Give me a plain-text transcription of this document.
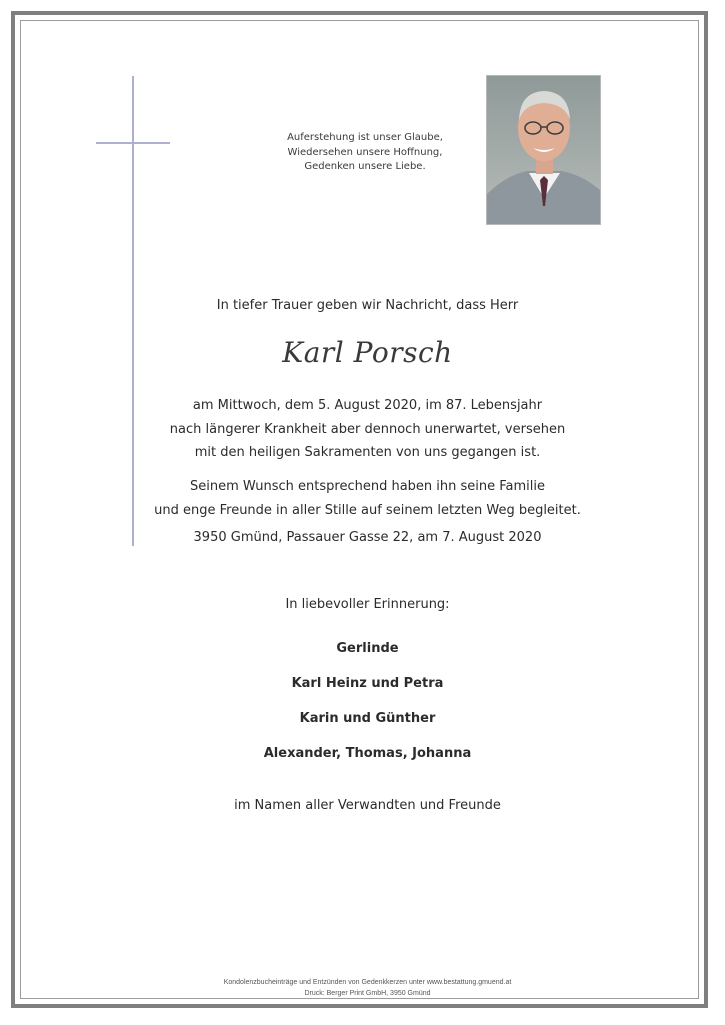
Auferstehung ist unser Glaube,
Wiedersehen unsere Hoffnung,
Gedenken unsere Liebe.
In tiefer Trauer geben wir Nachricht, dass Herr
Karl Porsch
am Mittwoch, dem 5. August 2020, im 87. Lebensjahr
nach längerer Krankheit aber dennoch unerwartet, versehen
mit den heiligen Sakramenten von uns gegangen ist.
Seinem Wunsch entsprechend haben ihn seine Familie
und enge Freunde in aller Stille auf seinem letzten Weg begleitet.
3950 Gmünd, Passauer Gasse 22, am 7. August 2020
In liebevoller Erinnerung:
Gerlinde
Karl Heinz und Petra
Karin und Günther
Alexander, Thomas, Johanna
im Namen aller Verwandten und Freunde
Kondolenzbucheinträge und Entzünden von Gedenkkerzen unter www.bestattung.gmuend.at
Druck: Berger Print GmbH, 3950 Gmünd
